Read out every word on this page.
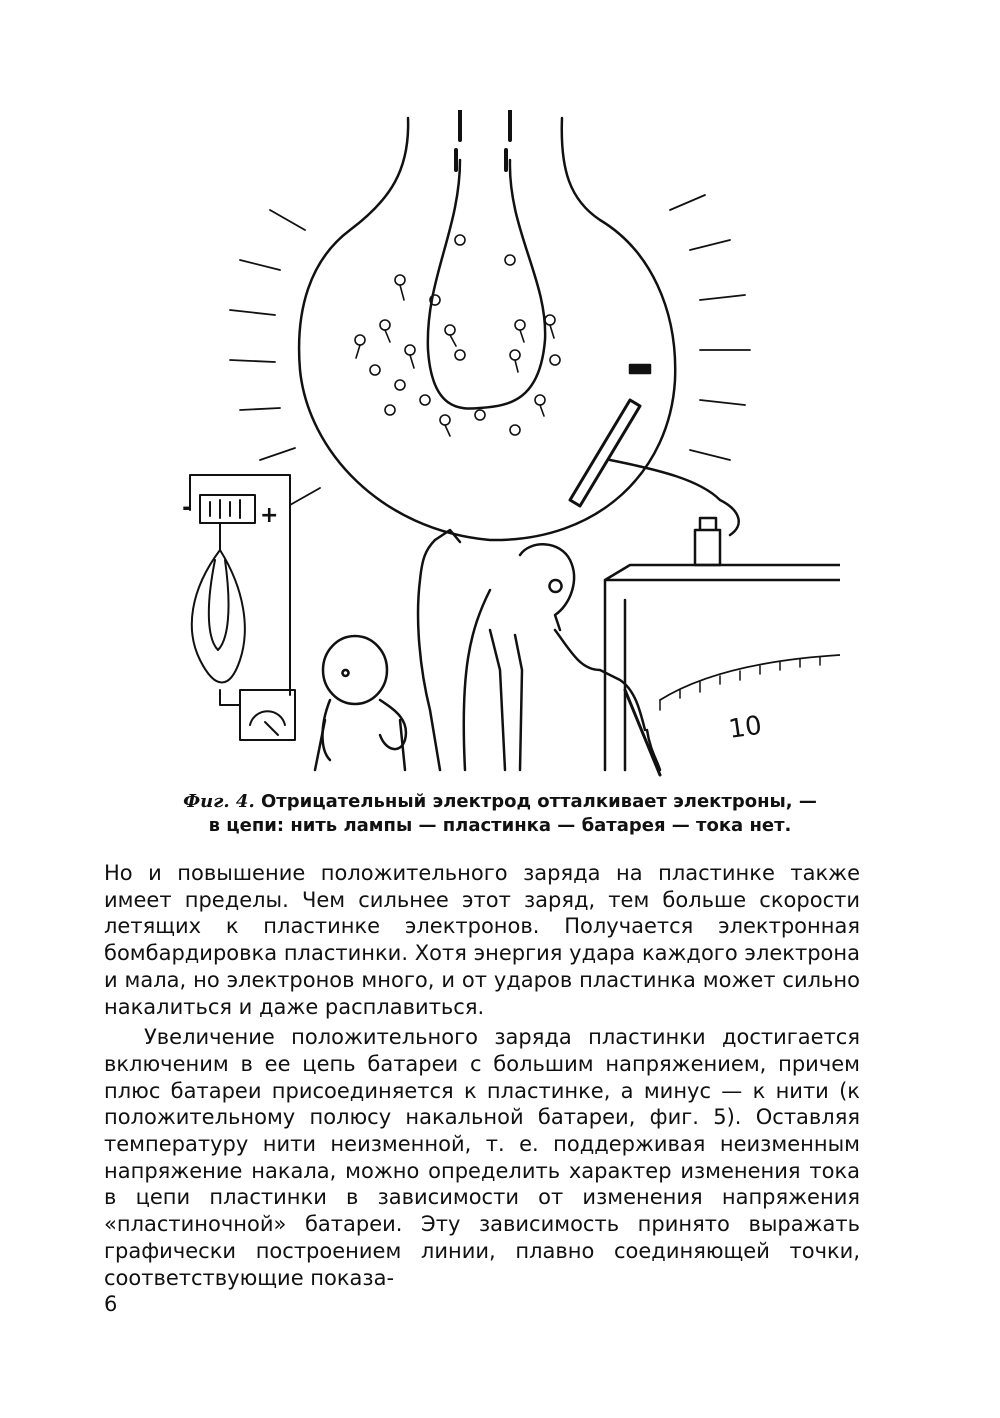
-	+
10
Фиг. 4. Отрицательный электрод отталкивает электроны, —
в цепи: нить лампы — пластинка — батарея — тока нет.

Но и повышение положительного заряда на пластинке также имеет пределы. Чем сильнее этот заряд, тем больше скорости летящих к пластинке электронов. Получается электронная бомбардировка пластинки. Хотя энергия удара каждого электрона и мала, но электронов много, и от ударов пластинка может сильно накалиться и даже расплавиться.

Увеличение положительного заряда пластинки достигается включеним в ее цепь батареи с большим напряжением, причем плюс батареи присоединяется к пластинке, а минус — к нити (к положительному полюсу накальной батареи, фиг. 5). Оставляя температуру нити неизменной, т. е. поддерживая неизменным напряжение накала, можно определить характер изменения тока в цепи пластинки в зависимости от изменения напряжения «пластиночной» батареи. Эту зависимость принято выражать графически построением линии, плавно соединяющей точки, соответствующие показа-

6
